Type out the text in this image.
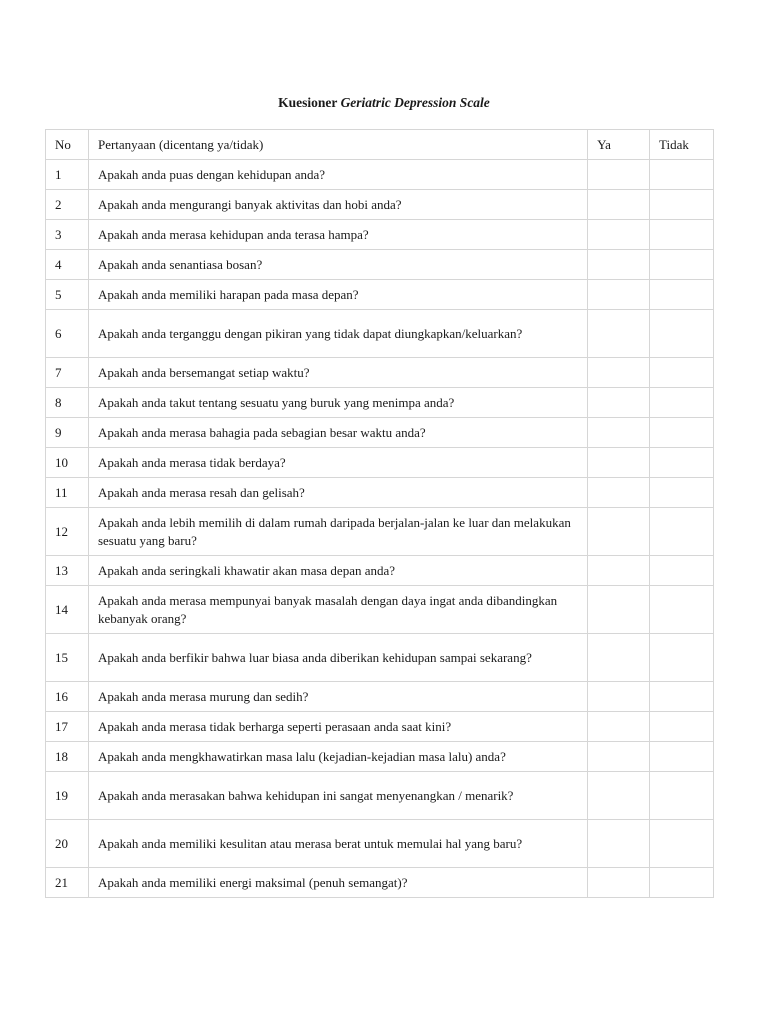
Kuesioner Geriatric Depression Scale
No	Pertanyaan (dicentang ya/tidak)	Ya	Tidak
1	Apakah anda puas dengan kehidupan anda?		
2	Apakah anda mengurangi banyak aktivitas dan hobi anda?		
3	Apakah anda merasa kehidupan anda terasa hampa?		
4	Apakah anda senantiasa bosan?		
5	Apakah anda memiliki harapan pada masa depan?		
6	Apakah anda terganggu dengan pikiran yang tidak dapat diungkapkan/keluarkan?		
7	Apakah anda bersemangat setiap waktu?		
8	Apakah anda takut tentang sesuatu yang buruk yang menimpa anda?		
9	Apakah anda merasa bahagia pada sebagian besar waktu anda?		
10	Apakah anda merasa tidak berdaya?		
11	Apakah anda merasa resah dan gelisah?		
12	Apakah anda lebih memilih di dalam rumah daripada berjalan-jalan ke luar dan melakukan sesuatu yang baru?		
13	Apakah anda seringkali khawatir akan masa depan anda?		
14	Apakah anda merasa mempunyai banyak masalah dengan daya ingat anda dibandingkan kebanyak orang?		
15	Apakah anda berfikir bahwa luar biasa anda diberikan kehidupan sampai sekarang?		
16	Apakah anda merasa murung dan sedih?		
17	Apakah anda merasa tidak berharga seperti perasaan anda saat kini?		
18	Apakah anda mengkhawatirkan masa lalu (kejadian-kejadian masa lalu) anda?		
19	Apakah anda merasakan bahwa kehidupan ini sangat menyenangkan / menarik?		
20	Apakah anda memiliki kesulitan atau merasa berat untuk memulai hal yang baru?		
21	Apakah anda memiliki energi maksimal (penuh semangat)?		
